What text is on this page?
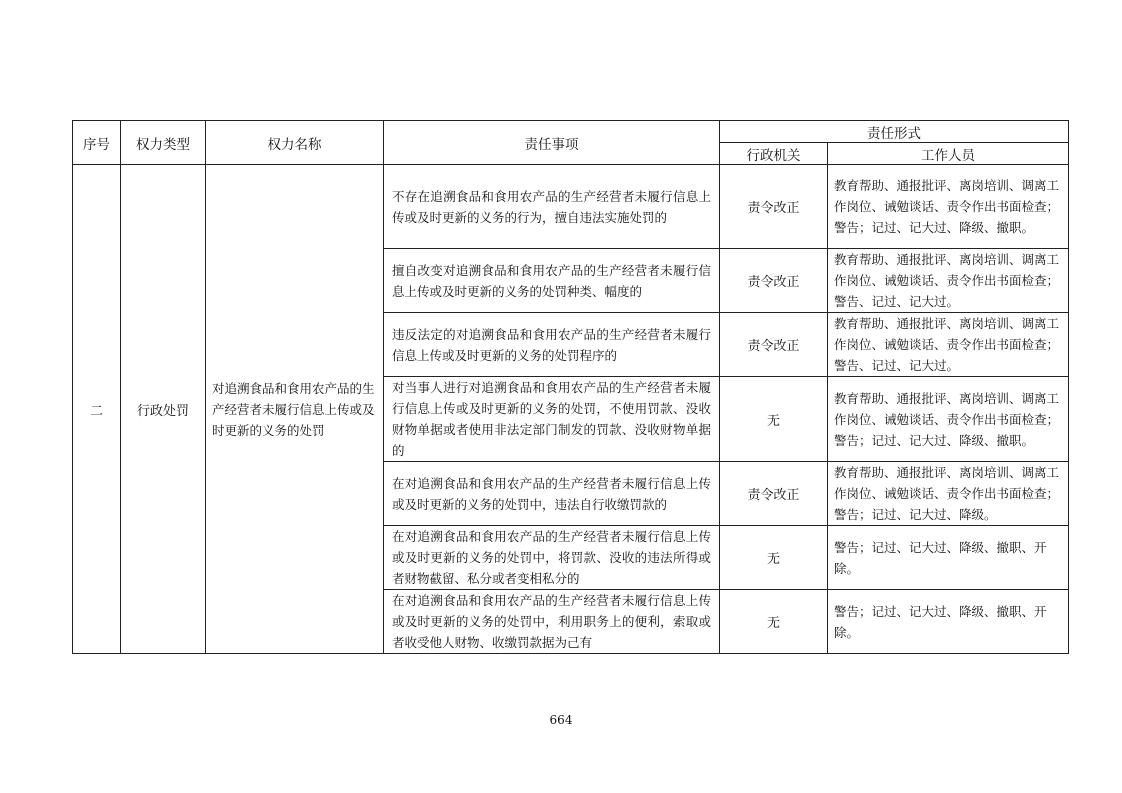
序号	权力类型	权力名称	责任事项	责任形式	
				行政机关	工作人员
二	行政处罚	对追溯食品和食用农产品的生产经营者未履行信息上传或及时更新的义务的处罚	不存在追溯食品和食用农产品的生产经营者未履行信息上传或及时更新的义务的行为，擅自违法实施处罚的	责令改正	教育帮助、通报批评、离岗培训、调离工作岗位、诫勉谈话、责令作出书面检查；警告；记过、记大过、降级、撤职。
			擅自改变对追溯食品和食用农产品的生产经营者未履行信息上传或及时更新的义务的处罚种类、幅度的	责令改正	教育帮助、通报批评、离岗培训、调离工作岗位、诫勉谈话、责令作出书面检查；警告、记过、记大过。
			违反法定的对追溯食品和食用农产品的生产经营者未履行信息上传或及时更新的义务的处罚程序的	责令改正	教育帮助、通报批评、离岗培训、调离工作岗位、诫勉谈话、责令作出书面检查；警告、记过、记大过。
			对当事人进行对追溯食品和食用农产品的生产经营者未履行信息上传或及时更新的义务的处罚，不使用罚款、没收财物单据或者使用非法定部门制发的罚款、没收财物单据的	无	教育帮助、通报批评、离岗培训、调离工作岗位、诫勉谈话、责令作出书面检查；警告；记过、记大过、降级、撤职。
			在对追溯食品和食用农产品的生产经营者未履行信息上传或及时更新的义务的处罚中，违法自行收缴罚款的	责令改正	教育帮助、通报批评、离岗培训、调离工作岗位、诫勉谈话、责令作出书面检查；警告；记过、记大过、降级。
			在对追溯食品和食用农产品的生产经营者未履行信息上传或及时更新的义务的处罚中，将罚款、没收的违法所得或者财物截留、私分或者变相私分的	无	警告；记过、记大过、降级、撤职、开除。
			在对追溯食品和食用农产品的生产经营者未履行信息上传或及时更新的义务的处罚中，利用职务上的便利，索取或者收受他人财物、收缴罚款据为己有	无	警告；记过、记大过、降级、撤职、开除。
664
